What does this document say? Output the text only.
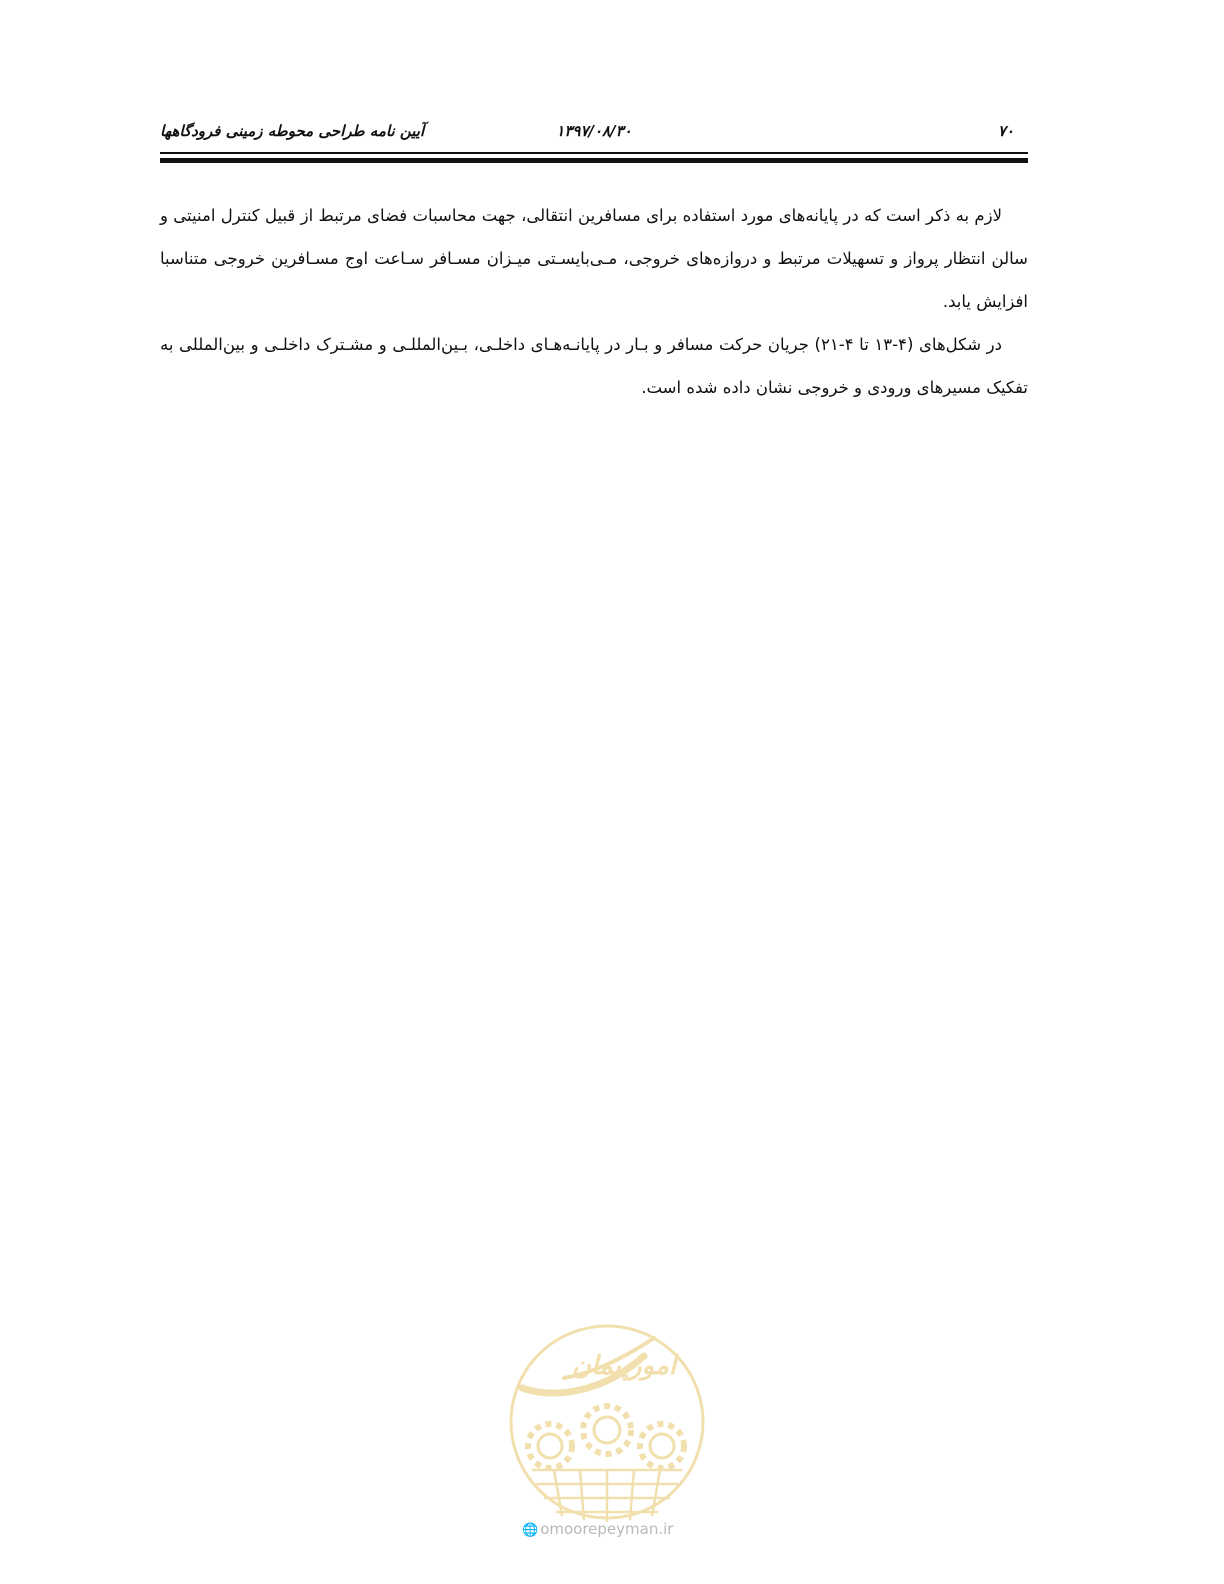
۷۰
۱۳۹۷/۰۸/۳۰
آیین نامه طراحی محوطه زمینی فرودگاهها

لازم به ذکر است که در پایانه‌های مورد استفاده برای مسافرین انتقالی، جهت محاسبات فضای مرتبط از قبیل کنترل امنیتی و سالن انتظار پرواز و تسهیلات مرتبط و دروازه‌های خروجی، مـی‌بایسـتی میـزان مسـافر سـاعت اوج مسـافرین خروجی متناسبا افزایش یابد.

در شکل‌های (۴-۱۳ تا ۴-۲۱) جریان حرکت مسافر و بـار در پایانـه‌هـای داخلـی، بـین‌المللـی و مشـترک داخلـی و بین‌المللی به تفکیک مسیرهای ورودی و خروجی نشان داده شده است.

امورپیمان
🌐 omoorepeyman.ir
